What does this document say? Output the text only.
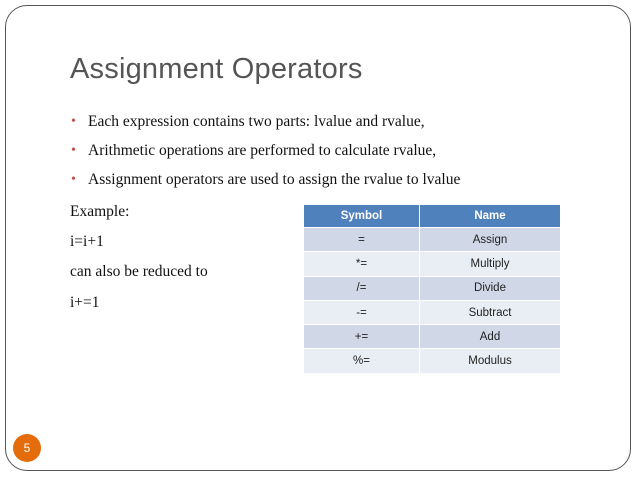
Assignment Operators
• Each expression contains two parts: lvalue and rvalue,
• Arithmetic operations are performed to calculate rvalue,
• Assignment operators are used to assign the rvalue to lvalue
Example:
i=i+1
can also be reduced to
i+=1
Symbol	Name
=	Assign
*=	Multiply
/=	Divide
-=	Subtract
+=	Add
%=	Modulus
5
